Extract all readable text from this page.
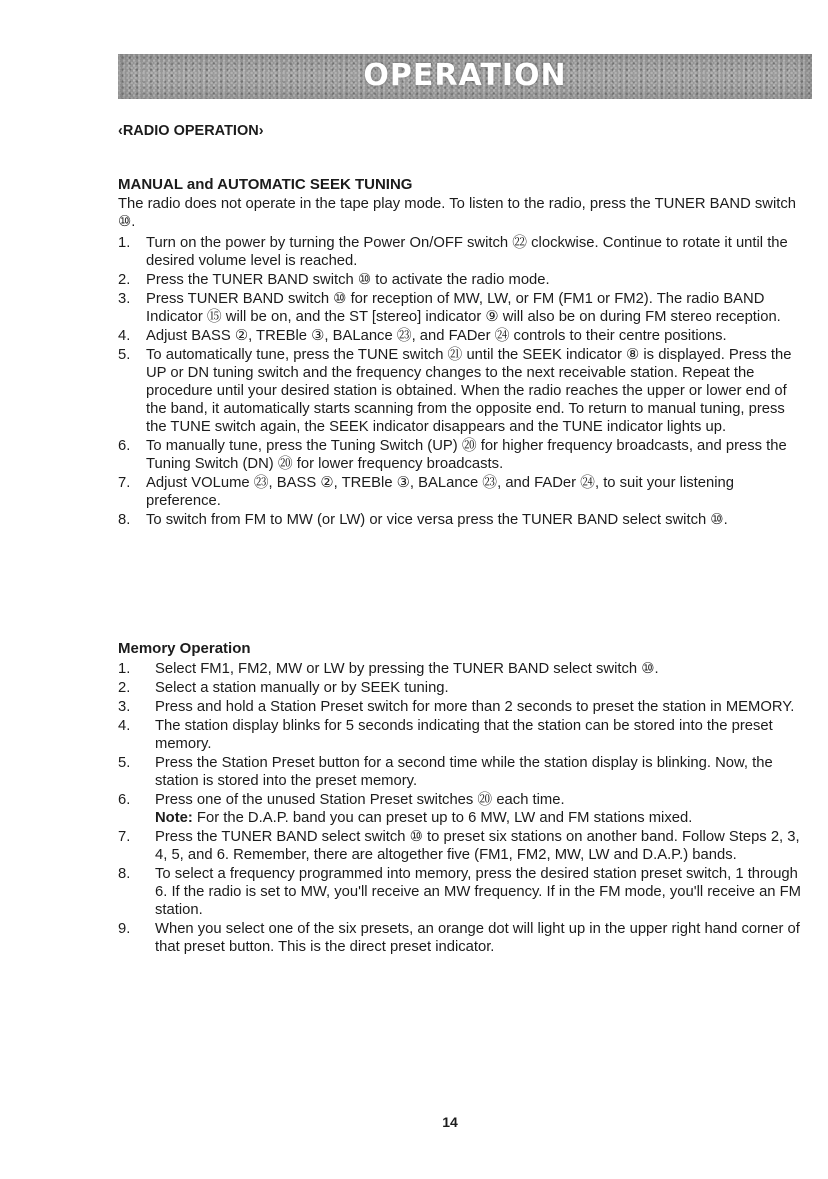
OPERATION
‹RADIO OPERATION›
MANUAL and AUTOMATIC SEEK TUNING
The radio does not operate in the tape play mode. To listen to the radio, press the TUNER BAND switch ⑩.
1. Turn on the power by turning the Power On/OFF switch ㉒ clockwise. Continue to rotate it until the desired volume level is reached.
2. Press the TUNER BAND switch ⑩ to activate the radio mode.
3. Press TUNER BAND switch ⑩ for reception of MW, LW, or FM (FM1 or FM2). The radio BAND Indicator ⑮ will be on, and the ST [stereo] indicator ⑨ will also be on during FM stereo reception.
4. Adjust BASS ②, TREBle ③, BALance ㉓, and FADer ㉔ controls to their centre positions.
5. To automatically tune, press the TUNE switch ㉑ until the SEEK indicator ⑧ is displayed. Press the UP or DN tuning switch and the frequency changes to the next receivable station. Repeat the procedure until your desired station is obtained. When the radio reaches the upper or lower end of the band, it automatically starts scanning from the opposite end. To return to manual tuning, press the TUNE switch again, the SEEK indicator disappears and the TUNE indicator lights up.
6. To manually tune, press the Tuning Switch (UP) ⑳ for higher frequency broadcasts, and press the Tuning Switch (DN) ⑳ for lower frequency broadcasts.
7. Adjust VOLume ㉓, BASS ②, TREBle ③, BALance ㉓, and FADer ㉔, to suit your listening preference.
8. To switch from FM to MW (or LW) or vice versa press the TUNER BAND select switch ⑩.
Memory Operation
1. Select FM1, FM2, MW or LW by pressing the TUNER BAND select switch ⑩.
2. Select a station manually or by SEEK tuning.
3. Press and hold a Station Preset switch for more than 2 seconds to preset the station in MEMORY.
4. The station display blinks for 5 seconds indicating that the station can be stored into the preset memory.
5. Press the Station Preset button for a second time while the station display is blinking. Now, the station is stored into the preset memory.
6. Press one of the unused Station Preset switches ⑳ each time.
Note: For the D.A.P. band you can preset up to 6 MW, LW and FM stations mixed.
7. Press the TUNER BAND select switch ⑩ to preset six stations on another band. Follow Steps 2, 3, 4, 5, and 6. Remember, there are altogether five (FM1, FM2, MW, LW and D.A.P.) bands.
8. To select a frequency programmed into memory, press the desired station preset switch, 1 through 6. If the radio is set to MW, you'll receive an MW frequency. If in the FM mode, you'll receive an FM station.
9. When you select one of the six presets, an orange dot will light up in the upper right hand corner of that preset button. This is the direct preset indicator.
14
